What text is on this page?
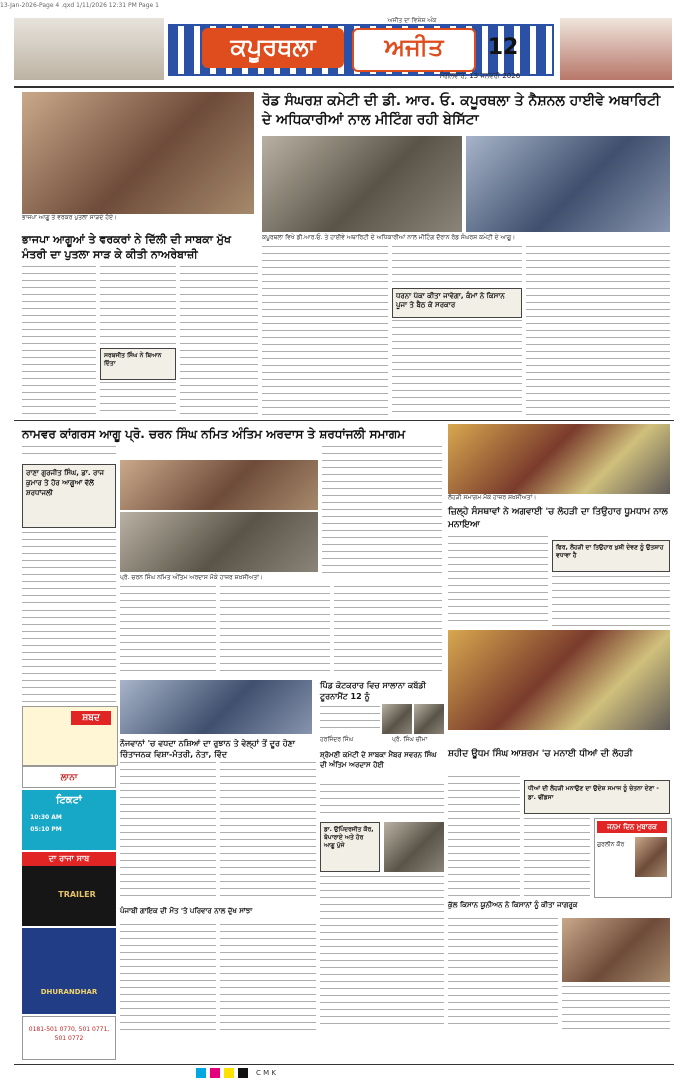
13-Jan-2026-Page 4 .qxd 1/11/2026 12:31 PM Page 1
ਅਜੀਤ ਦਾ ਵਿਸ਼ੇਸ਼ ਅੰਕ
ਕਪੂਰਥਲਾ	ਅਜੀਤ	12
ਮੰਗਲਵਾਰ, 13 ਜਨਵਰੀ 2026
ਭਾਜਪਾ ਆਗੂ ਤੇ ਵਰਕਰ ਪੁਤਲਾ ਸਾੜਦੇ ਹੋਏ।
ਰੋਡ ਸੰਘਰਸ਼ ਕਮੇਟੀ ਦੀ ਡੀ. ਆਰ. ਓ. ਕਪੂਰਥਲਾ ਤੇ ਨੈਸ਼ਨਲ ਹਾਈਵੇ ਅਥਾਰਿਟੀ ਦੇ ਅਧਿਕਾਰੀਆਂ ਨਾਲ ਮੀਟਿੰਗ ਰਹੀ ਬੇਸਿੱਟਾ
ਕਪੂਰਥਲਾ ਵਿਖੇ ਡੀ.ਆਰ.ਓ. ਤੇ ਹਾਈਵੇ ਅਥਾਰਿਟੀ ਦੇ ਅਧਿਕਾਰੀਆਂ ਨਾਲ ਮੀਟਿੰਗ ਦੌਰਾਨ ਰੋਡ ਸੰਘਰਸ਼ ਕਮੇਟੀ ਦੇ ਆਗੂ।
ਭਾਜਪਾ ਆਗੂਆਂ ਤੇ ਵਰਕਰਾਂ ਨੇ ਦਿੱਲੀ ਦੀ ਸਾਬਕਾ ਮੁੱਖ ਮੰਤਰੀ ਦਾ ਪੁਤਲਾ ਸਾੜ ਕੇ ਕੀਤੀ ਨਾਅਰੇਬਾਜ਼ੀ
ਸਰਬਜੀਤ ਸਿੰਘ ਨੇ ਬਿਆਨ ਦਿੱਤਾ
ਧਰਨਾ ਪੱਕਾ ਕੀਤਾ ਜਾਵੇਗਾ, ਕੰਮਾਂ ਨੇ ਕਿਸਾਨ ਪੂਜਾ ਤੇ ਬੈਠ ਕੇ ਸਰਕਾਰ
ਨਾਮਵਰ ਕਾਂਗਰਸ ਆਗੂ ਪ੍ਰੋ. ਚਰਨ ਸਿੰਘ ਨਮਿਤ ਅੰਤਿਮ ਅਰਦਾਸ ਤੇ ਸ਼ਰਧਾਂਜਲੀ ਸਮਾਗਮ
ਲੋਹੜੀ ਸਮਾਗਮ ਮੌਕੇ ਹਾਜ਼ਰ ਸ਼ਖ਼ਸੀਅਤਾਂ।
ਰਾਣਾ ਗੁਰਜੀਤ ਸਿੰਘ, ਡਾ. ਰਾਜ ਕੁਮਾਰ ਤੇ ਹੋਰ ਆਗੂਆਂ ਵੱਲੋਂ ਸ਼ਰਧਾਂਜਲੀ
ਪ੍ਰੋ. ਚਰਨ ਸਿੰਘ ਨਮਿਤ ਅੰਤਿਮ ਅਰਦਾਸ ਮੌਕੇ ਹਾਜ਼ਰ ਸ਼ਖ਼ਸੀਅਤਾਂ।
ਜ਼ਿਲ੍ਹੇ ਸੰਸਥਾਵਾਂ ਨੇ ਅਗਵਾਈ 'ਚ ਲੋਹੜੀ ਦਾ ਤਿਉਹਾਰ ਧੂਮਧਾਮ ਨਾਲ ਮਨਾਇਆ
ਫਿਰ, ਲੋਹੜੀ ਦਾ ਤਿਉਹਾਰ ਖੁਸ਼ੀ ਦੇਵਣ ਨੂੰ ਉਤਸ਼ਾਹ ਵਧਾਵਾ ਹੈ
ਸ਼ਬਦ
ਲਾਨਾ
ਟਿਕਟਾਂ
10:30 AM
05:10 PM
ਦਾ ਰਾਜਾ ਸਾਬ
TRAILER
DHURANDHAR
0181-501 0770, 501 0771, 501 0772
ਨੌਜਵਾਨਾਂ 'ਚ ਵਧਦਾ ਨਸ਼ਿਆਂ ਦਾ ਰੁਝਾਨ ਤੇ ਵੇਲ੍ਹਾਂ ਤੋਂ ਦੂਰ ਹੋਣਾ ਚਿੰਤਾਜਨਕ ਵਿਸ਼ਾ-ਮੰਤਰੀ, ਨੇਤਾ, ਵਿੰਦ
ਪਿੰਡ ਕੋਟਕਰਾਰ ਵਿਚ ਸਾਲਾਨਾ ਕਬੱਡੀ ਟੂਰਨਾਮੈਂਟ 12 ਨੂੰ
ਹਰਜਿੰਦਰ ਸਿੰਘ	ਪ੍ਰੋ. ਸਿੰਘ ਚੀਮਾ
ਸ਼੍ਰੋਮਣੀ ਕਮੇਟੀ ਦੇ ਸਾਬਕਾ ਮੈਂਬਰ ਸਵਰਨ ਸਿੰਘ ਦੀ ਅੰਤਿਮ ਅਰਦਾਸ ਹੋਈ
ਡਾ. ਉਪਿੰਦਰਜੀਤ ਕੌਰ, ਬੋਪਾਰਾਏ ਅਤੇ ਹੋਰ ਆਗੂ ਪੁੱਜੇ
ਸ਼ਹੀਦ ਊਧਮ ਸਿੰਘ ਆਸ਼ਰਮ 'ਚ ਮਨਾਈ ਧੀਆਂ ਦੀ ਲੋਹੜੀ
ਧੀਆਂ ਦੀ ਲੋਹੜੀ ਮਨਾਉਣ ਦਾ ਉਦੇਸ਼ ਸਮਾਜ ਨੂੰ ਚੇਤਨਾ ਦੇਣਾ - ਡਾ. ਢੀਂਡਸਾ
ਜਨਮ ਦਿਨ ਮੁਬਾਰਕ
ਗੁਰਲੀਨ ਕੌਰ
ਕੁੱਲ ਕਿਸਾਨ ਯੂਨੀਅਨ ਨੇ ਕਿਸਾਨਾਂ ਨੂੰ ਕੀਤਾ ਜਾਗਰੂਕ
ਪੰਜਾਬੀ ਗਾਇਕ ਦੀ ਮੌਤ 'ਤੇ ਪਰਿਵਾਰ ਨਾਲ ਦੁੱਖ ਸਾਂਝਾ
C M K
